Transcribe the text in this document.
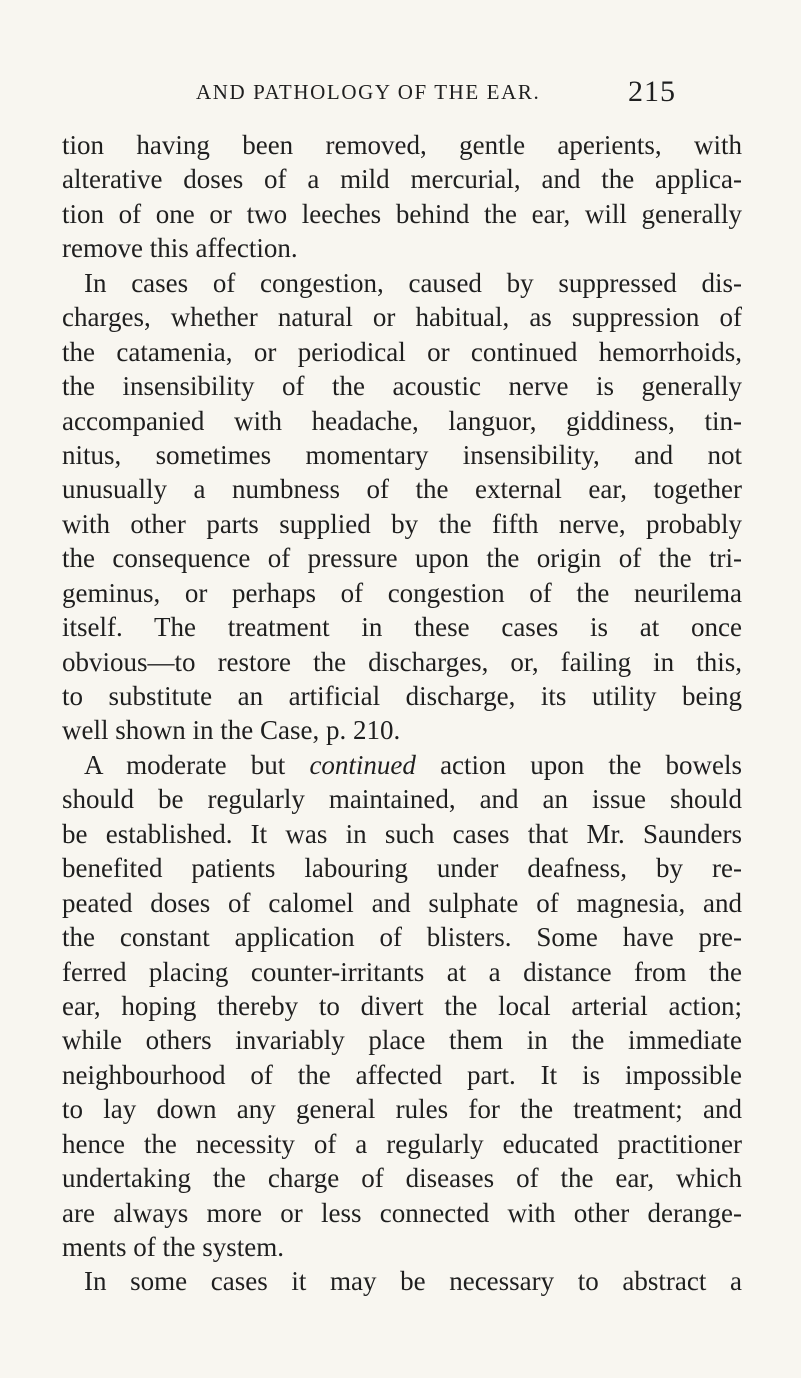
AND PATHOLOGY OF THE EAR.	215
tion having been removed, gentle aperients, with
alterative doses of a mild mercurial, and the applica-
tion of one or two leeches behind the ear, will generally
remove this affection.
In cases of congestion, caused by suppressed dis-
charges, whether natural or habitual, as suppression of
the catamenia, or periodical or continued hemorrhoids,
the insensibility of the acoustic nerve is generally
accompanied with headache, languor, giddiness, tin-
nitus, sometimes momentary insensibility, and not
unusually a numbness of the external ear, together
with other parts supplied by the fifth nerve, probably
the consequence of pressure upon the origin of the tri-
geminus, or perhaps of congestion of the neurilema
itself. The treatment in these cases is at once
obvious—to restore the discharges, or, failing in this,
to substitute an artificial discharge, its utility being
well shown in the Case, p. 210.
A moderate but continued action upon the bowels
should be regularly maintained, and an issue should
be established. It was in such cases that Mr. Saunders
benefited patients labouring under deafness, by re-
peated doses of calomel and sulphate of magnesia, and
the constant application of blisters. Some have pre-
ferred placing counter-irritants at a distance from the
ear, hoping thereby to divert the local arterial action;
while others invariably place them in the immediate
neighbourhood of the affected part. It is impossible
to lay down any general rules for the treatment; and
hence the necessity of a regularly educated practitioner
undertaking the charge of diseases of the ear, which
are always more or less connected with other derange-
ments of the system.
In some cases it may be necessary to abstract a
